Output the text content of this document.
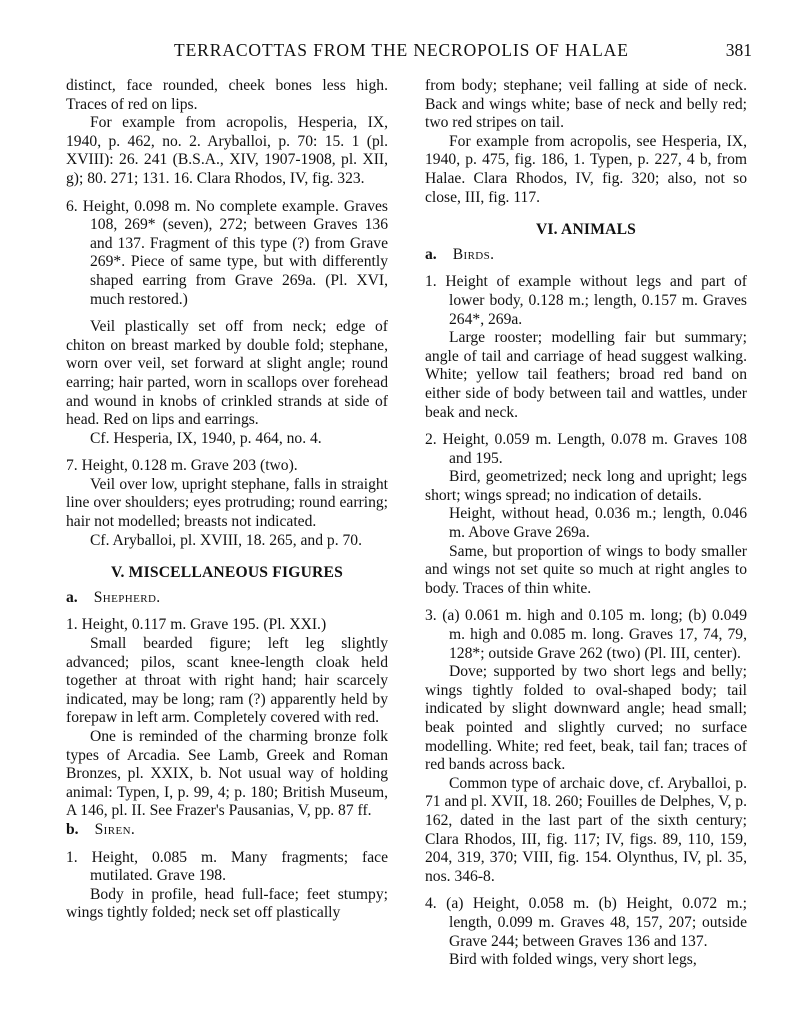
TERRACOTTAS FROM THE NECROPOLIS OF HALAE	381

distinct, face rounded, cheek bones less high. Traces of red on lips.

For example from acropolis, Hesperia, IX, 1940, p. 462, no. 2. Aryballoi, p. 70: 15. 1 (pl. XVIII): 26. 241 (B.S.A., XIV, 1907-1908, pl. XII, g); 80. 271; 131. 16. Clara Rhodos, IV, fig. 323.

6. Height, 0.098 m. No complete example. Graves 108, 269* (seven), 272; between Graves 136 and 137. Fragment of this type (?) from Grave 269*. Piece of same type, but with differently shaped earring from Grave 269a. (Pl. XVI, much restored.)

Veil plastically set off from neck; edge of chiton on breast marked by double fold; stephane, worn over veil, set forward at slight angle; round earring; hair parted, worn in scallops over forehead and wound in knobs of crinkled strands at side of head. Red on lips and earrings.

Cf. Hesperia, IX, 1940, p. 464, no. 4.

7. Height, 0.128 m. Grave 203 (two).

Veil over low, upright stephane, falls in straight line over shoulders; eyes protruding; round earring; hair not modelled; breasts not indicated.

Cf. Aryballoi, pl. XVIII, 18. 265, and p. 70.

V. MISCELLANEOUS FIGURES

a. Shepherd.

1. Height, 0.117 m. Grave 195. (Pl. XXI.)

Small bearded figure; left leg slightly advanced; pilos, scant knee-length cloak held together at throat with right hand; hair scarcely indicated, may be long; ram (?) apparently held by forepaw in left arm. Completely covered with red.

One is reminded of the charming bronze folk types of Arcadia. See Lamb, Greek and Roman Bronzes, pl. XXIX, b. Not usual way of holding animal: Typen, I, p. 99, 4; p. 180; British Museum, A 146, pl. II. See Frazer's Pausanias, V, pp. 87 ff.

b. Siren.

1. Height, 0.085 m. Many fragments; face mutilated. Grave 198.

Body in profile, head full-face; feet stumpy; wings tightly folded; neck set off plastically

from body; stephane; veil falling at side of neck. Back and wings white; base of neck and belly red; two red stripes on tail.

For example from acropolis, see Hesperia, IX, 1940, p. 475, fig. 186, 1. Typen, p. 227, 4 b, from Halae. Clara Rhodos, IV, fig. 320; also, not so close, III, fig. 117.

VI. ANIMALS

a. Birds.

1. Height of example without legs and part of lower body, 0.128 m.; length, 0.157 m. Graves 264*, 269a.

Large rooster; modelling fair but summary; angle of tail and carriage of head suggest walking. White; yellow tail feathers; broad red band on either side of body between tail and wattles, under beak and neck.

2. Height, 0.059 m. Length, 0.078 m. Graves 108 and 195.

Bird, geometrized; neck long and upright; legs short; wings spread; no indication of details.

Height, without head, 0.036 m.; length, 0.046 m. Above Grave 269a.

Same, but proportion of wings to body smaller and wings not set quite so much at right angles to body. Traces of thin white.

3. (a) 0.061 m. high and 0.105 m. long; (b) 0.049 m. high and 0.085 m. long. Graves 17, 74, 79, 128*; outside Grave 262 (two) (Pl. III, center).

Dove; supported by two short legs and belly; wings tightly folded to oval-shaped body; tail indicated by slight downward angle; head small; beak pointed and slightly curved; no surface modelling. White; red feet, beak, tail fan; traces of red bands across back.

Common type of archaic dove, cf. Aryballoi, p. 71 and pl. XVII, 18. 260; Fouilles de Delphes, V, p. 162, dated in the last part of the sixth century; Clara Rhodos, III, fig. 117; IV, figs. 89, 110, 159, 204, 319, 370; VIII, fig. 154. Olynthus, IV, pl. 35, nos. 346-8.

4. (a) Height, 0.058 m. (b) Height, 0.072 m.; length, 0.099 m. Graves 48, 157, 207; outside Grave 244; between Graves 136 and 137.

Bird with folded wings, very short legs,
